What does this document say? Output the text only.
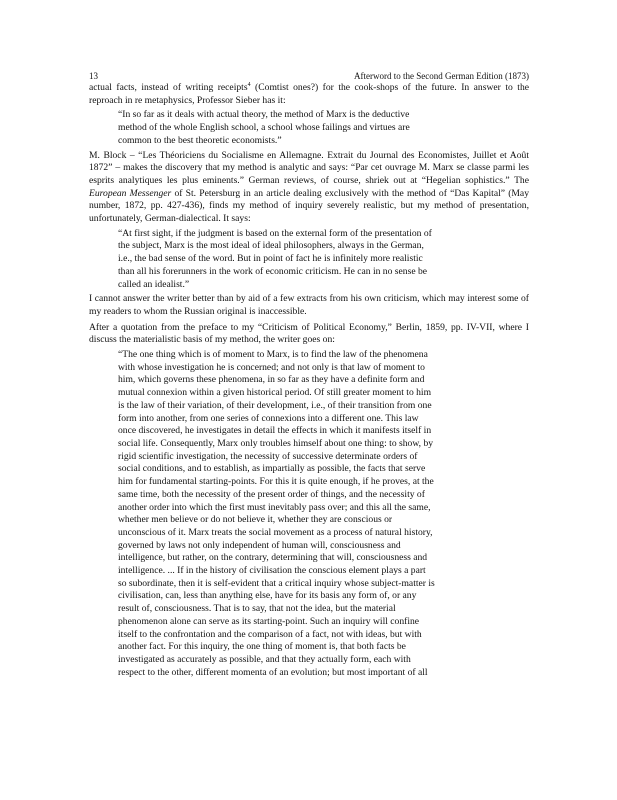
13	Afterword to the Second German Edition (1873)

actual facts, instead of writing receipts$^4$ (Comtist ones?) for the cook-shops of the future. In answer to the reproach in re metaphysics, Professor Sieber has it:

“In so far as it deals with actual theory, the method of Marx is the deductive
method of the whole English school, a school whose failings and virtues are
common to the best theoretic economists.”

M. Block – “Les Théoriciens du Socialisme en Allemagne. Extrait du Journal des Economistes, Juillet et Août 1872” – makes the discovery that my method is analytic and says: “Par cet ouvrage M. Marx se classe parmi les esprits analytiques les plus eminents.” German reviews, of course, shriek out at “Hegelian sophistics.” The European Messenger of St. Petersburg in an article dealing exclusively with the method of “Das Kapital” (May number, 1872, pp. 427-436), finds my method of inquiry severely realistic, but my method of presentation, unfortunately, German-dialectical. It says:

“At first sight, if the judgment is based on the external form of the presentation of
the subject, Marx is the most ideal of ideal philosophers, always in the German,
i.e., the bad sense of the word. But in point of fact he is infinitely more realistic
than all his forerunners in the work of economic criticism. He can in no sense be
called an idealist.”

I cannot answer the writer better than by aid of a few extracts from his own criticism, which may interest some of my readers to whom the Russian original is inaccessible.

After a quotation from the preface to my “Criticism of Political Economy,” Berlin, 1859, pp. IV-VII, where I discuss the materialistic basis of my method, the writer goes on:

“The one thing which is of moment to Marx, is to find the law of the phenomena
with whose investigation he is concerned; and not only is that law of moment to
him, which governs these phenomena, in so far as they have a definite form and
mutual connexion within a given historical period. Of still greater moment to him
is the law of their variation, of their development, i.e., of their transition from one
form into another, from one series of connexions into a different one. This law
once discovered, he investigates in detail the effects in which it manifests itself in
social life. Consequently, Marx only troubles himself about one thing: to show, by
rigid scientific investigation, the necessity of successive determinate orders of
social conditions, and to establish, as impartially as possible, the facts that serve
him for fundamental starting-points. For this it is quite enough, if he proves, at the
same time, both the necessity of the present order of things, and the necessity of
another order into which the first must inevitably pass over; and this all the same,
whether men believe or do not believe it, whether they are conscious or
unconscious of it. Marx treats the social movement as a process of natural history,
governed by laws not only independent of human will, consciousness and
intelligence, but rather, on the contrary, determining that will, consciousness and
intelligence. ... If in the history of civilisation the conscious element plays a part
so subordinate, then it is self-evident that a critical inquiry whose subject-matter is
civilisation, can, less than anything else, have for its basis any form of, or any
result of, consciousness. That is to say, that not the idea, but the material
phenomenon alone can serve as its starting-point. Such an inquiry will confine
itself to the confrontation and the comparison of a fact, not with ideas, but with
another fact. For this inquiry, the one thing of moment is, that both facts be
investigated as accurately as possible, and that they actually form, each with
respect to the other, different momenta of an evolution; but most important of all
